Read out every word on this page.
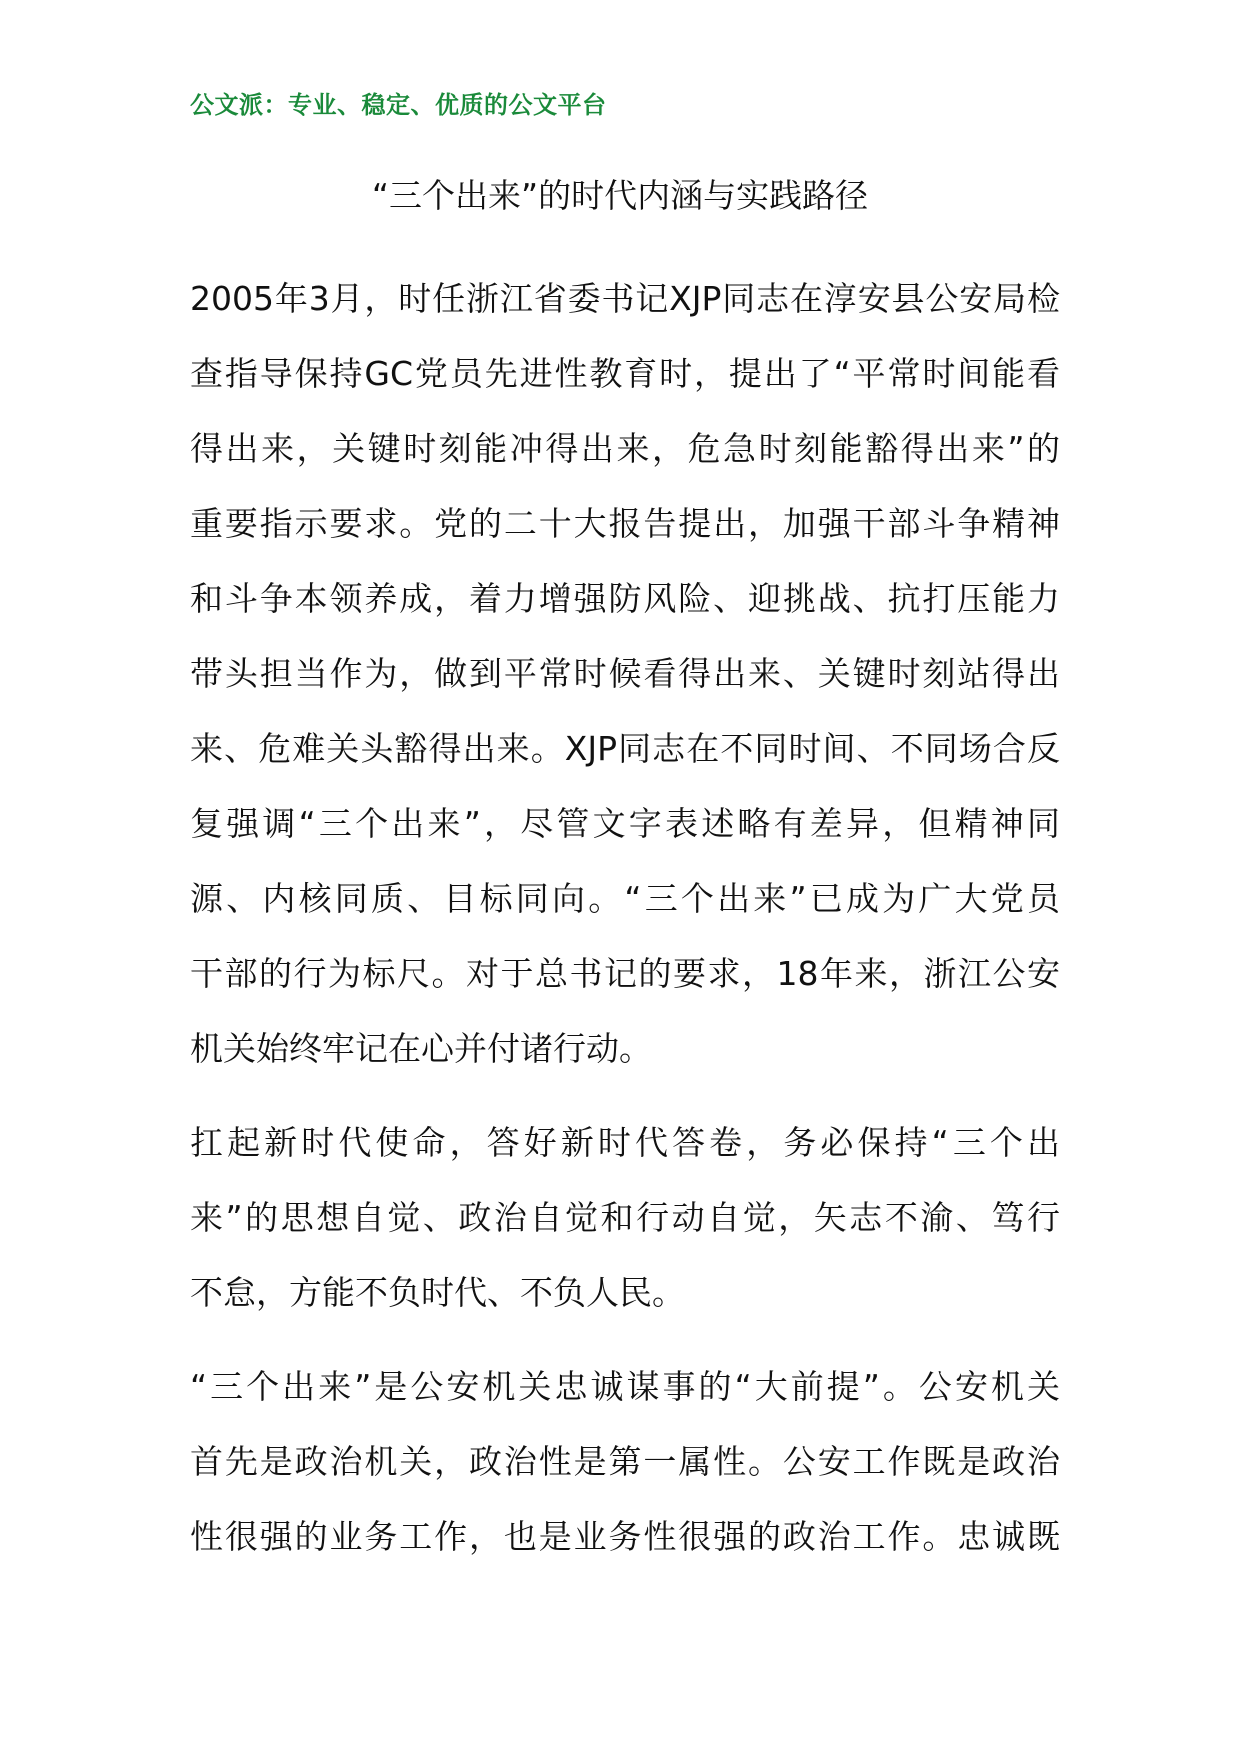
公文派：专业、稳定、优质的公文平台
“三个出来”的时代内涵与实践路径
2005年3月，时任浙江省委书记XJP同志在淳安县公安局检
查指导保持GC党员先进性教育时，提出了“平常时间能看
得出来，关键时刻能冲得出来，危急时刻能豁得出来”的
重要指示要求。党的二十大报告提出，加强干部斗争精神
和斗争本领养成，着力增强防风险、迎挑战、抗打压能力
带头担当作为，做到平常时候看得出来、关键时刻站得出
来、危难关头豁得出来。XJP同志在不同时间、不同场合反
复强调“三个出来”，尽管文字表述略有差异，但精神同
源、内核同质、目标同向。“三个出来”已成为广大党员
干部的行为标尺。对于总书记的要求，18年来，浙江公安
机关始终牢记在心并付诸行动。
扛起新时代使命，答好新时代答卷，务必保持“三个出
来”的思想自觉、政治自觉和行动自觉，矢志不渝、笃行
不怠，方能不负时代、不负人民。
“三个出来”是公安机关忠诚谋事的“大前提”。公安机关
首先是政治机关，政治性是第一属性。公安工作既是政治
性很强的业务工作，也是业务性很强的政治工作。忠诚既
